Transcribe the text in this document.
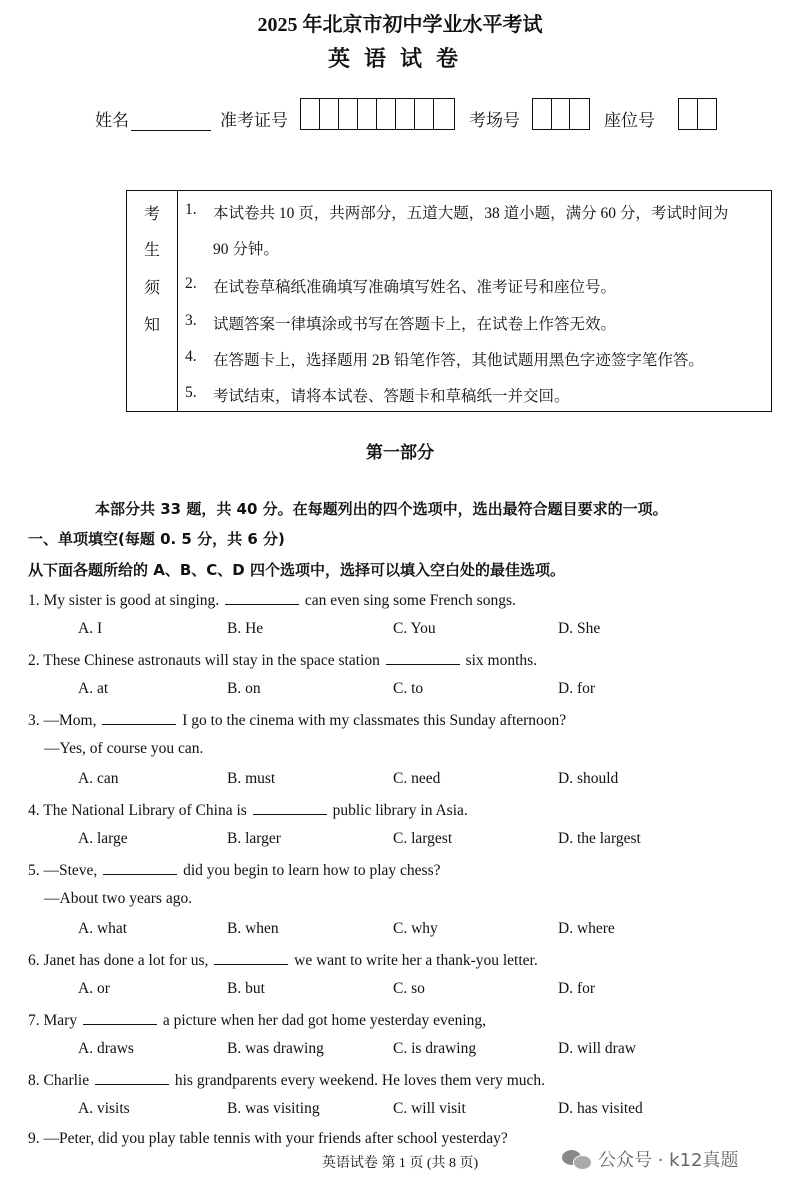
2025 年北京市初中学业水平考试
英语试卷
姓名	准考证号	考场号	座位号
考
生
须
知
1. 本试卷共 10 页，共两部分，五道大题，38 道小题，满分 60 分，考试时间为
90 分钟。
2. 在试卷草稿纸准确填写准确填写姓名、准考证号和座位号。
3. 试题答案一律填涂或书写在答题卡上，在试卷上作答无效。
4. 在答题卡上，选择题用 2B 铅笔作答，其他试题用黑色字迹签字笔作答。
5. 考试结束，请将本试卷、答题卡和草稿纸一并交回。
第一部分
本部分共 33 题，共 40 分。在每题列出的四个选项中，选出最符合题目要求的一项。
一、单项填空(每题 0. 5 分，共 6 分)
从下面各题所给的 A、B、C、D 四个选项中，选择可以填入空白处的最佳选项。
1. My sister is good at singing.	can even sing some French songs.
A. I	B. He	C. You	D. She
2. These Chinese astronauts will stay in the space station	six months.
A. at	B. on	C. to	D. for
3. —Mom,	I go to the cinema with my classmates this Sunday afternoon?
—Yes, of course you can.
A. can	B. must	C. need	D. should
4. The National Library of China is	public library in Asia.
A. large	B. larger	C. largest	D. the largest
5. —Steve,	did you begin to learn how to play chess?
—About two years ago.
A. what	B. when	C. why	D. where
6. Janet has done a lot for us,	we want to write her a thank-you letter.
A. or	B. but	C. so	D. for
7. Mary	a picture when her dad got home yesterday evening,
A. draws	B. was drawing	C. is drawing	D. will draw
8. Charlie	his grandparents every weekend. He loves them very much.
A. visits	B. was visiting	C. will visit	D. has visited
9. —Peter, did you play table tennis with your friends after school yesterday?
英语试卷 第 1 页 (共 8 页)	公众号 · k12真题
